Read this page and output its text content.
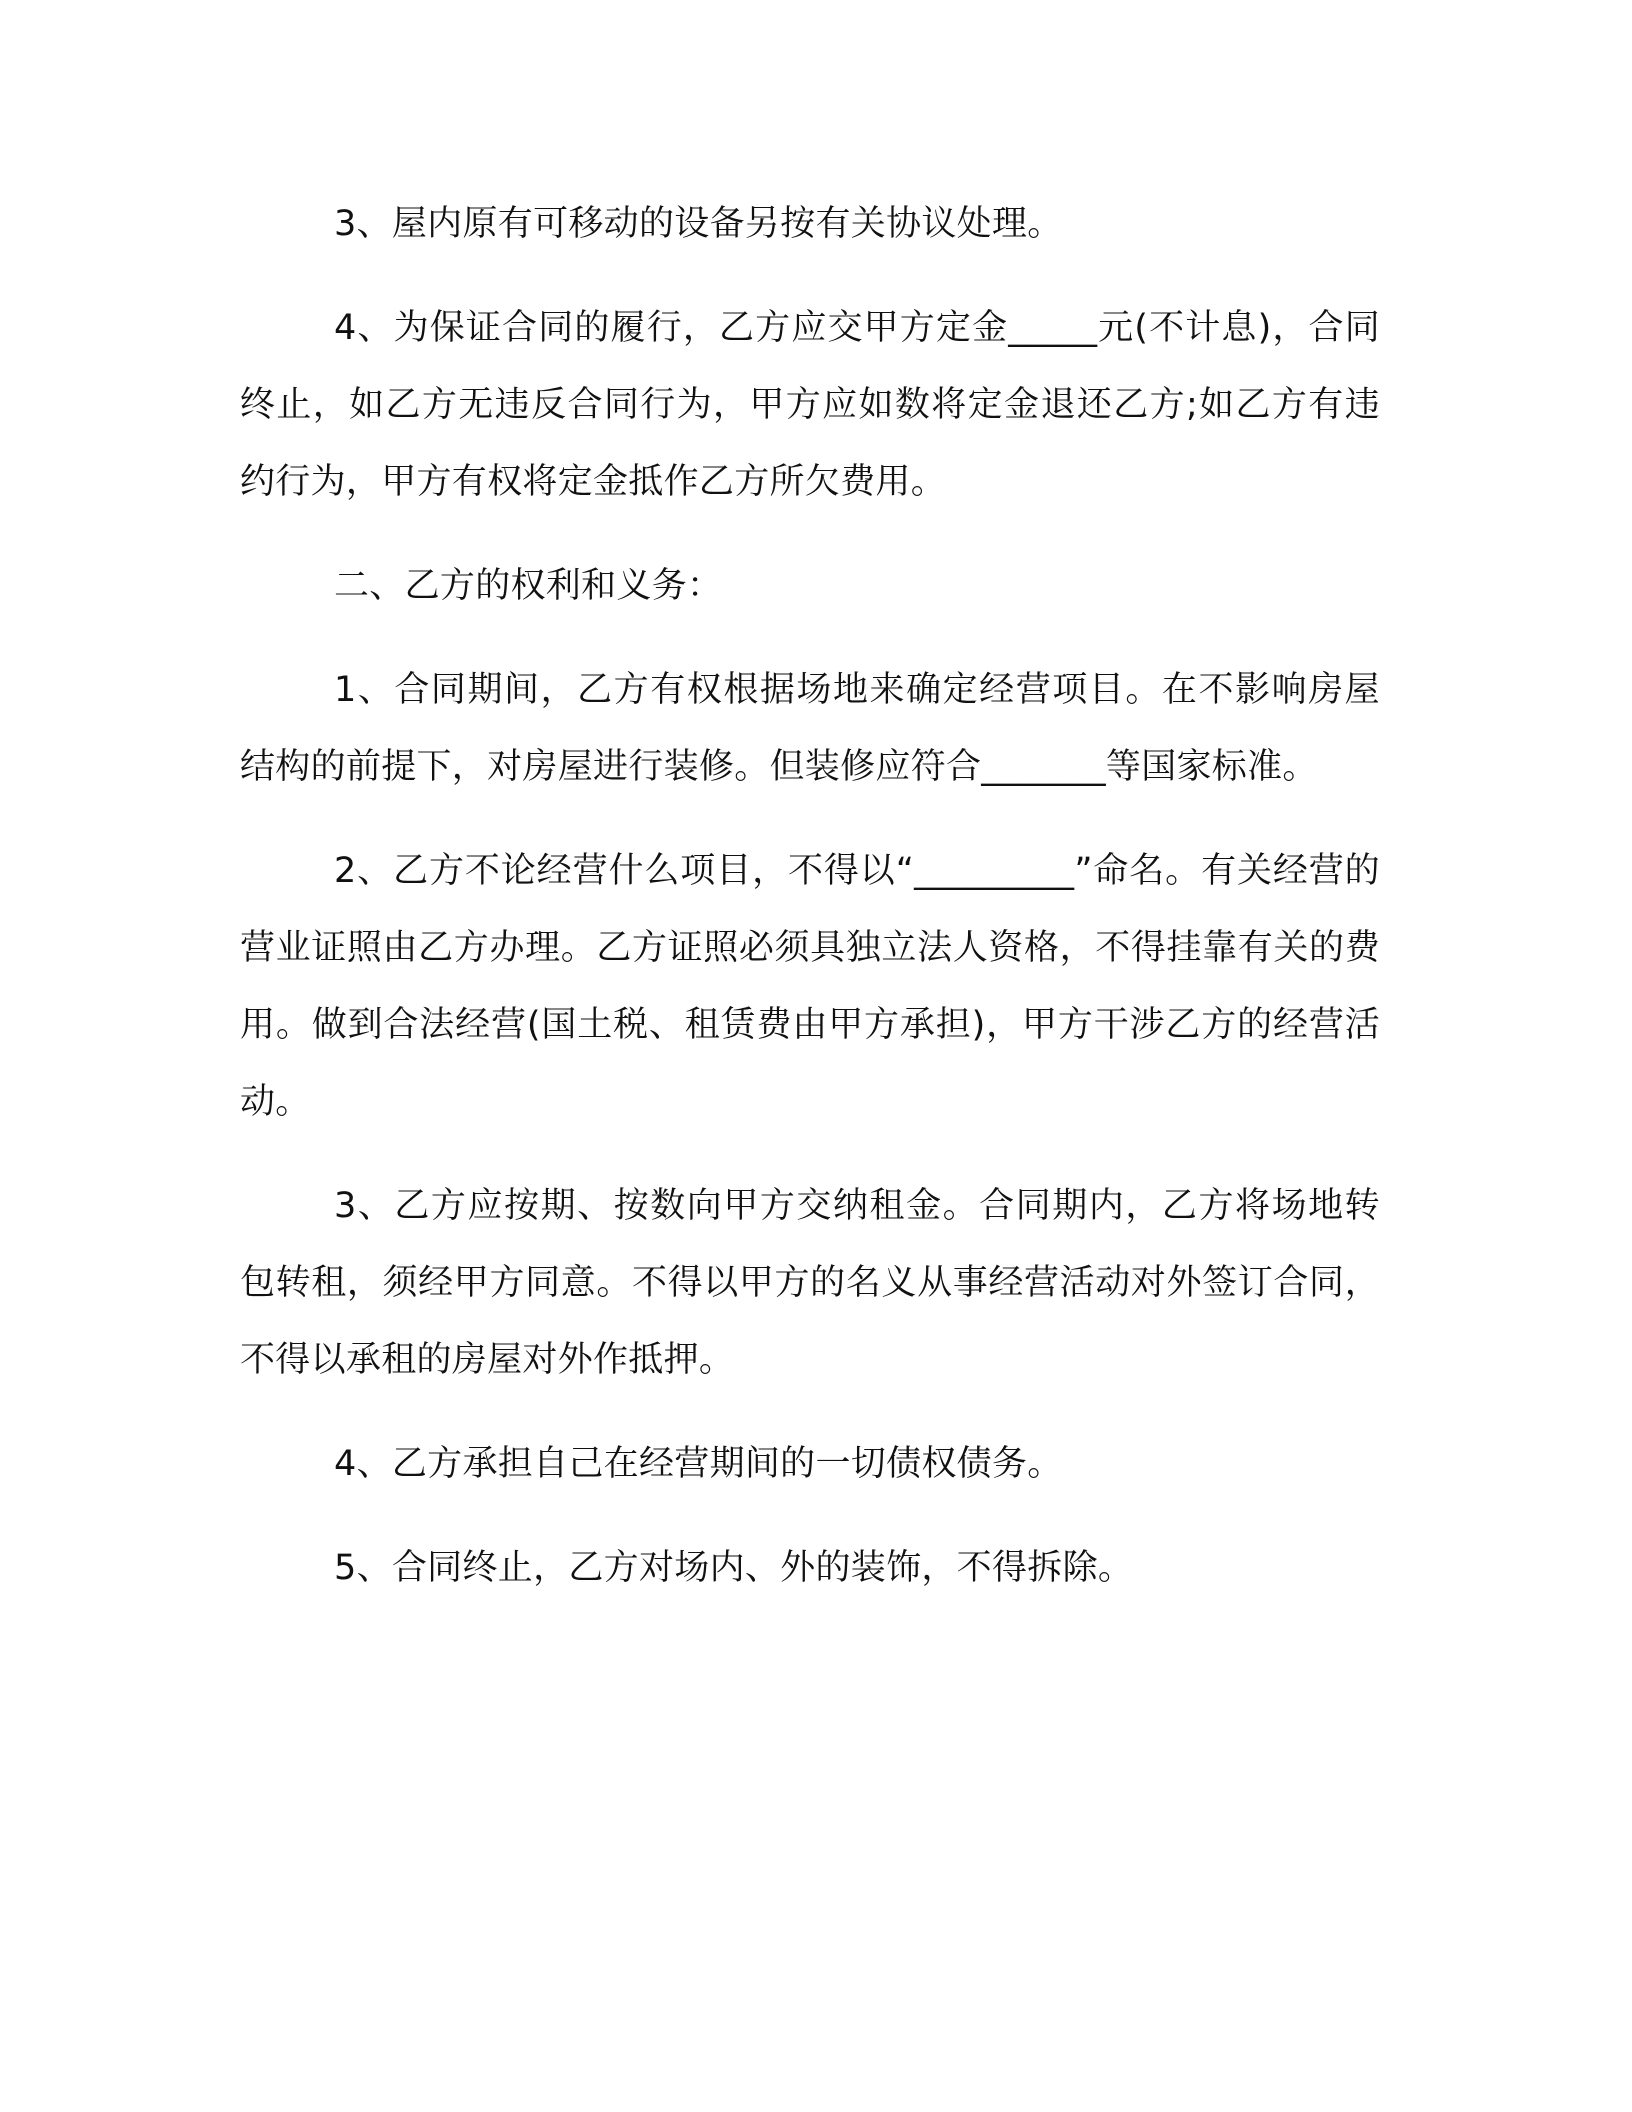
3、屋内原有可移动的设备另按有关协议处理。

4、为保证合同的履行，乙方应交甲方定金_____元(不计息)，合同终止，如乙方无违反合同行为，甲方应如数将定金退还乙方;如乙方有违约行为，甲方有权将定金抵作乙方所欠费用。

二、乙方的权利和义务：

1、合同期间，乙方有权根据场地来确定经营项目。在不影响房屋结构的前提下，对房屋进行装修。但装修应符合_______等国家标准。

2、乙方不论经营什么项目，不得以“_________”命名。有关经营的营业证照由乙方办理。乙方证照必须具独立法人资格，不得挂靠有关的费用。做到合法经营(国土税、租赁费由甲方承担)，甲方干涉乙方的经营活动。

3、乙方应按期、按数向甲方交纳租金。合同期内，乙方将场地转包转租，须经甲方同意。不得以甲方的名义从事经营活动对外签订合同，不得以承租的房屋对外作抵押。

4、乙方承担自己在经营期间的一切债权债务。

5、合同终止，乙方对场内、外的装饰，不得拆除。
